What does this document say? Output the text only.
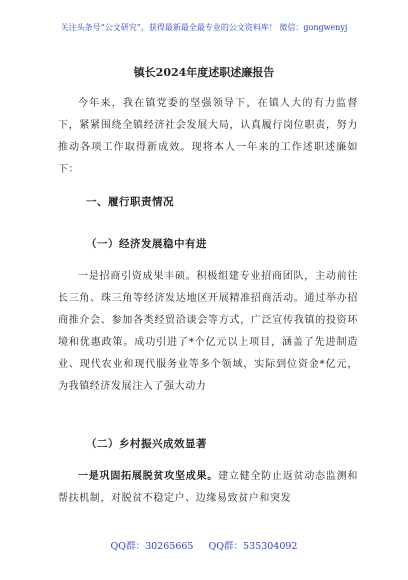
关注头条号“公文研究”，获得最新最全最专业的公文资料库！ 微信：gongwenyj
镇长2024年度述职述廉报告
今年来，我在镇党委的坚强领导下，在镇人大的有力监督下，紧紧围绕全镇经济社会发展大局，认真履行岗位职责，努力推动各项工作取得新成效。现将本人一年来的工作述职述廉如下：
一、履行职责情况
（一）经济发展稳中有进
一是招商引资成果丰硕。积极组建专业招商团队，主动前往长三角、珠三角等经济发达地区开展精准招商活动。通过举办招商推介会、参加各类经贸洽谈会等方式，广泛宣传我镇的投资环境和优惠政策。成功引进了*个亿元以上项目，涵盖了先进制造业、现代农业和现代服务业等多个领域，实际到位资金*亿元，为我镇经济发展注入了强大动力
（二）乡村振兴成效显著
一是巩固拓展脱贫攻坚成果。建立健全防止返贫动态监测和帮扶机制，对脱贫不稳定户、边缘易致贫户和突发
QQ群：30265665 QQ群：535304092
